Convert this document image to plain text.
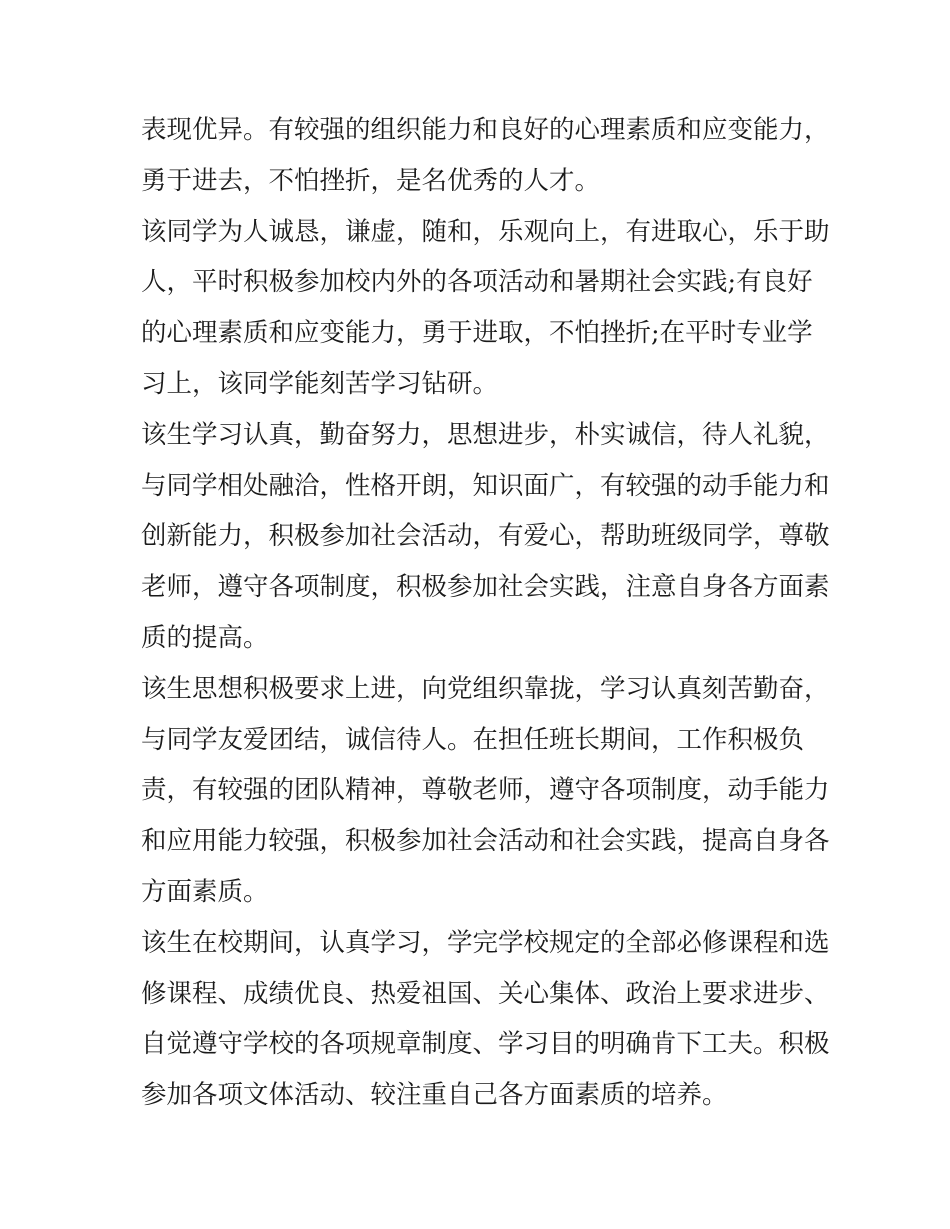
表现优异。有较强的组织能力和良好的心理素质和应变能力，
勇于进去，不怕挫折，是名优秀的人才。

该同学为人诚恳，谦虚，随和，乐观向上，有进取心，乐于助
人，平时积极参加校内外的各项活动和暑期社会实践;有良好
的心理素质和应变能力，勇于进取，不怕挫折;在平时专业学
习上，该同学能刻苦学习钻研。

该生学习认真，勤奋努力，思想进步，朴实诚信，待人礼貌，
与同学相处融洽，性格开朗，知识面广，有较强的动手能力和
创新能力，积极参加社会活动，有爱心，帮助班级同学，尊敬
老师，遵守各项制度，积极参加社会实践，注意自身各方面素
质的提高。

该生思想积极要求上进，向党组织靠拢，学习认真刻苦勤奋，
与同学友爱团结，诚信待人。在担任班长期间，工作积极负
责，有较强的团队精神，尊敬老师，遵守各项制度，动手能力
和应用能力较强，积极参加社会活动和社会实践，提高自身各
方面素质。

该生在校期间，认真学习，学完学校规定的全部必修课程和选
修课程、成绩优良、热爱祖国、关心集体、政治上要求进步、
自觉遵守学校的各项规章制度、学习目的明确肯下工夫。积极
参加各项文体活动、较注重自己各方面素质的培养。
